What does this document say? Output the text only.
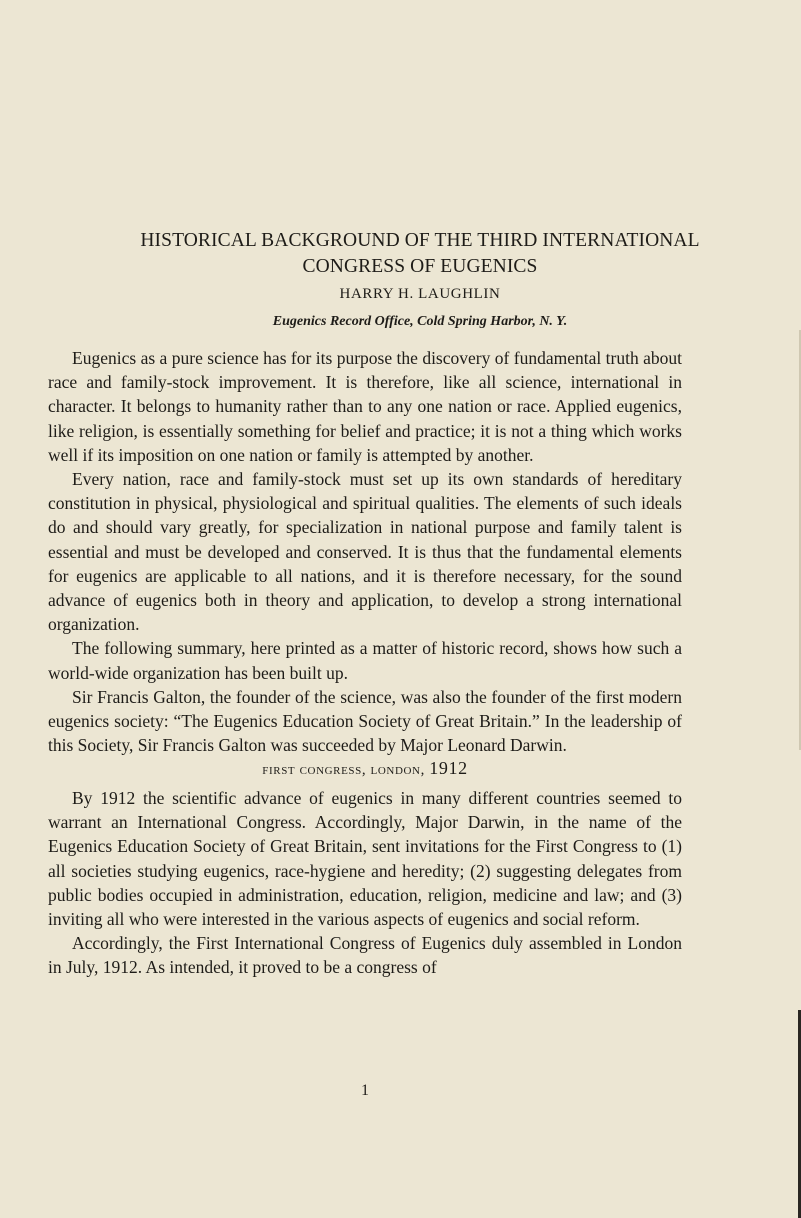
HISTORICAL BACKGROUND OF THE THIRD INTERNATIONAL
CONGRESS OF EUGENICS
HARRY H. LAUGHLIN
Eugenics Record Office, Cold Spring Harbor, N. Y.

Eugenics as a pure science has for its purpose the discovery of fundamental truth about race and family-stock improvement. It is therefore, like all science, international in character. It belongs to humanity rather than to any one nation or race. Applied eugenics, like religion, is essentially something for belief and practice; it is not a thing which works well if its imposition on one nation or family is attempted by another.

Every nation, race and family-stock must set up its own standards of hereditary constitution in physical, physiological and spiritual qualities. The elements of such ideals do and should vary greatly, for specialization in national purpose and family talent is essential and must be developed and conserved. It is thus that the fundamental elements for eugenics are applicable to all nations, and it is therefore necessary, for the sound advance of eugenics both in theory and application, to develop a strong international organization.

The following summary, here printed as a matter of historic record, shows how such a world-wide organization has been built up.

Sir Francis Galton, the founder of the science, was also the founder of the first modern eugenics society: “The Eugenics Education Society of Great Britain.” In the leadership of this Society, Sir Francis Galton was succeeded by Major Leonard Darwin.

first congress, london, 1912

By 1912 the scientific advance of eugenics in many different countries seemed to warrant an International Congress. Accordingly, Major Darwin, in the name of the Eugenics Education Society of Great Britain, sent invitations for the First Congress to (1) all societies studying eugenics, race-hygiene and heredity; (2) suggesting delegates from public bodies occupied in administration, education, religion, medicine and law; and (3) inviting all who were interested in the various aspects of eugenics and social reform.

Accordingly, the First International Congress of Eugenics duly assembled in London in July, 1912. As intended, it proved to be a congress of

1
